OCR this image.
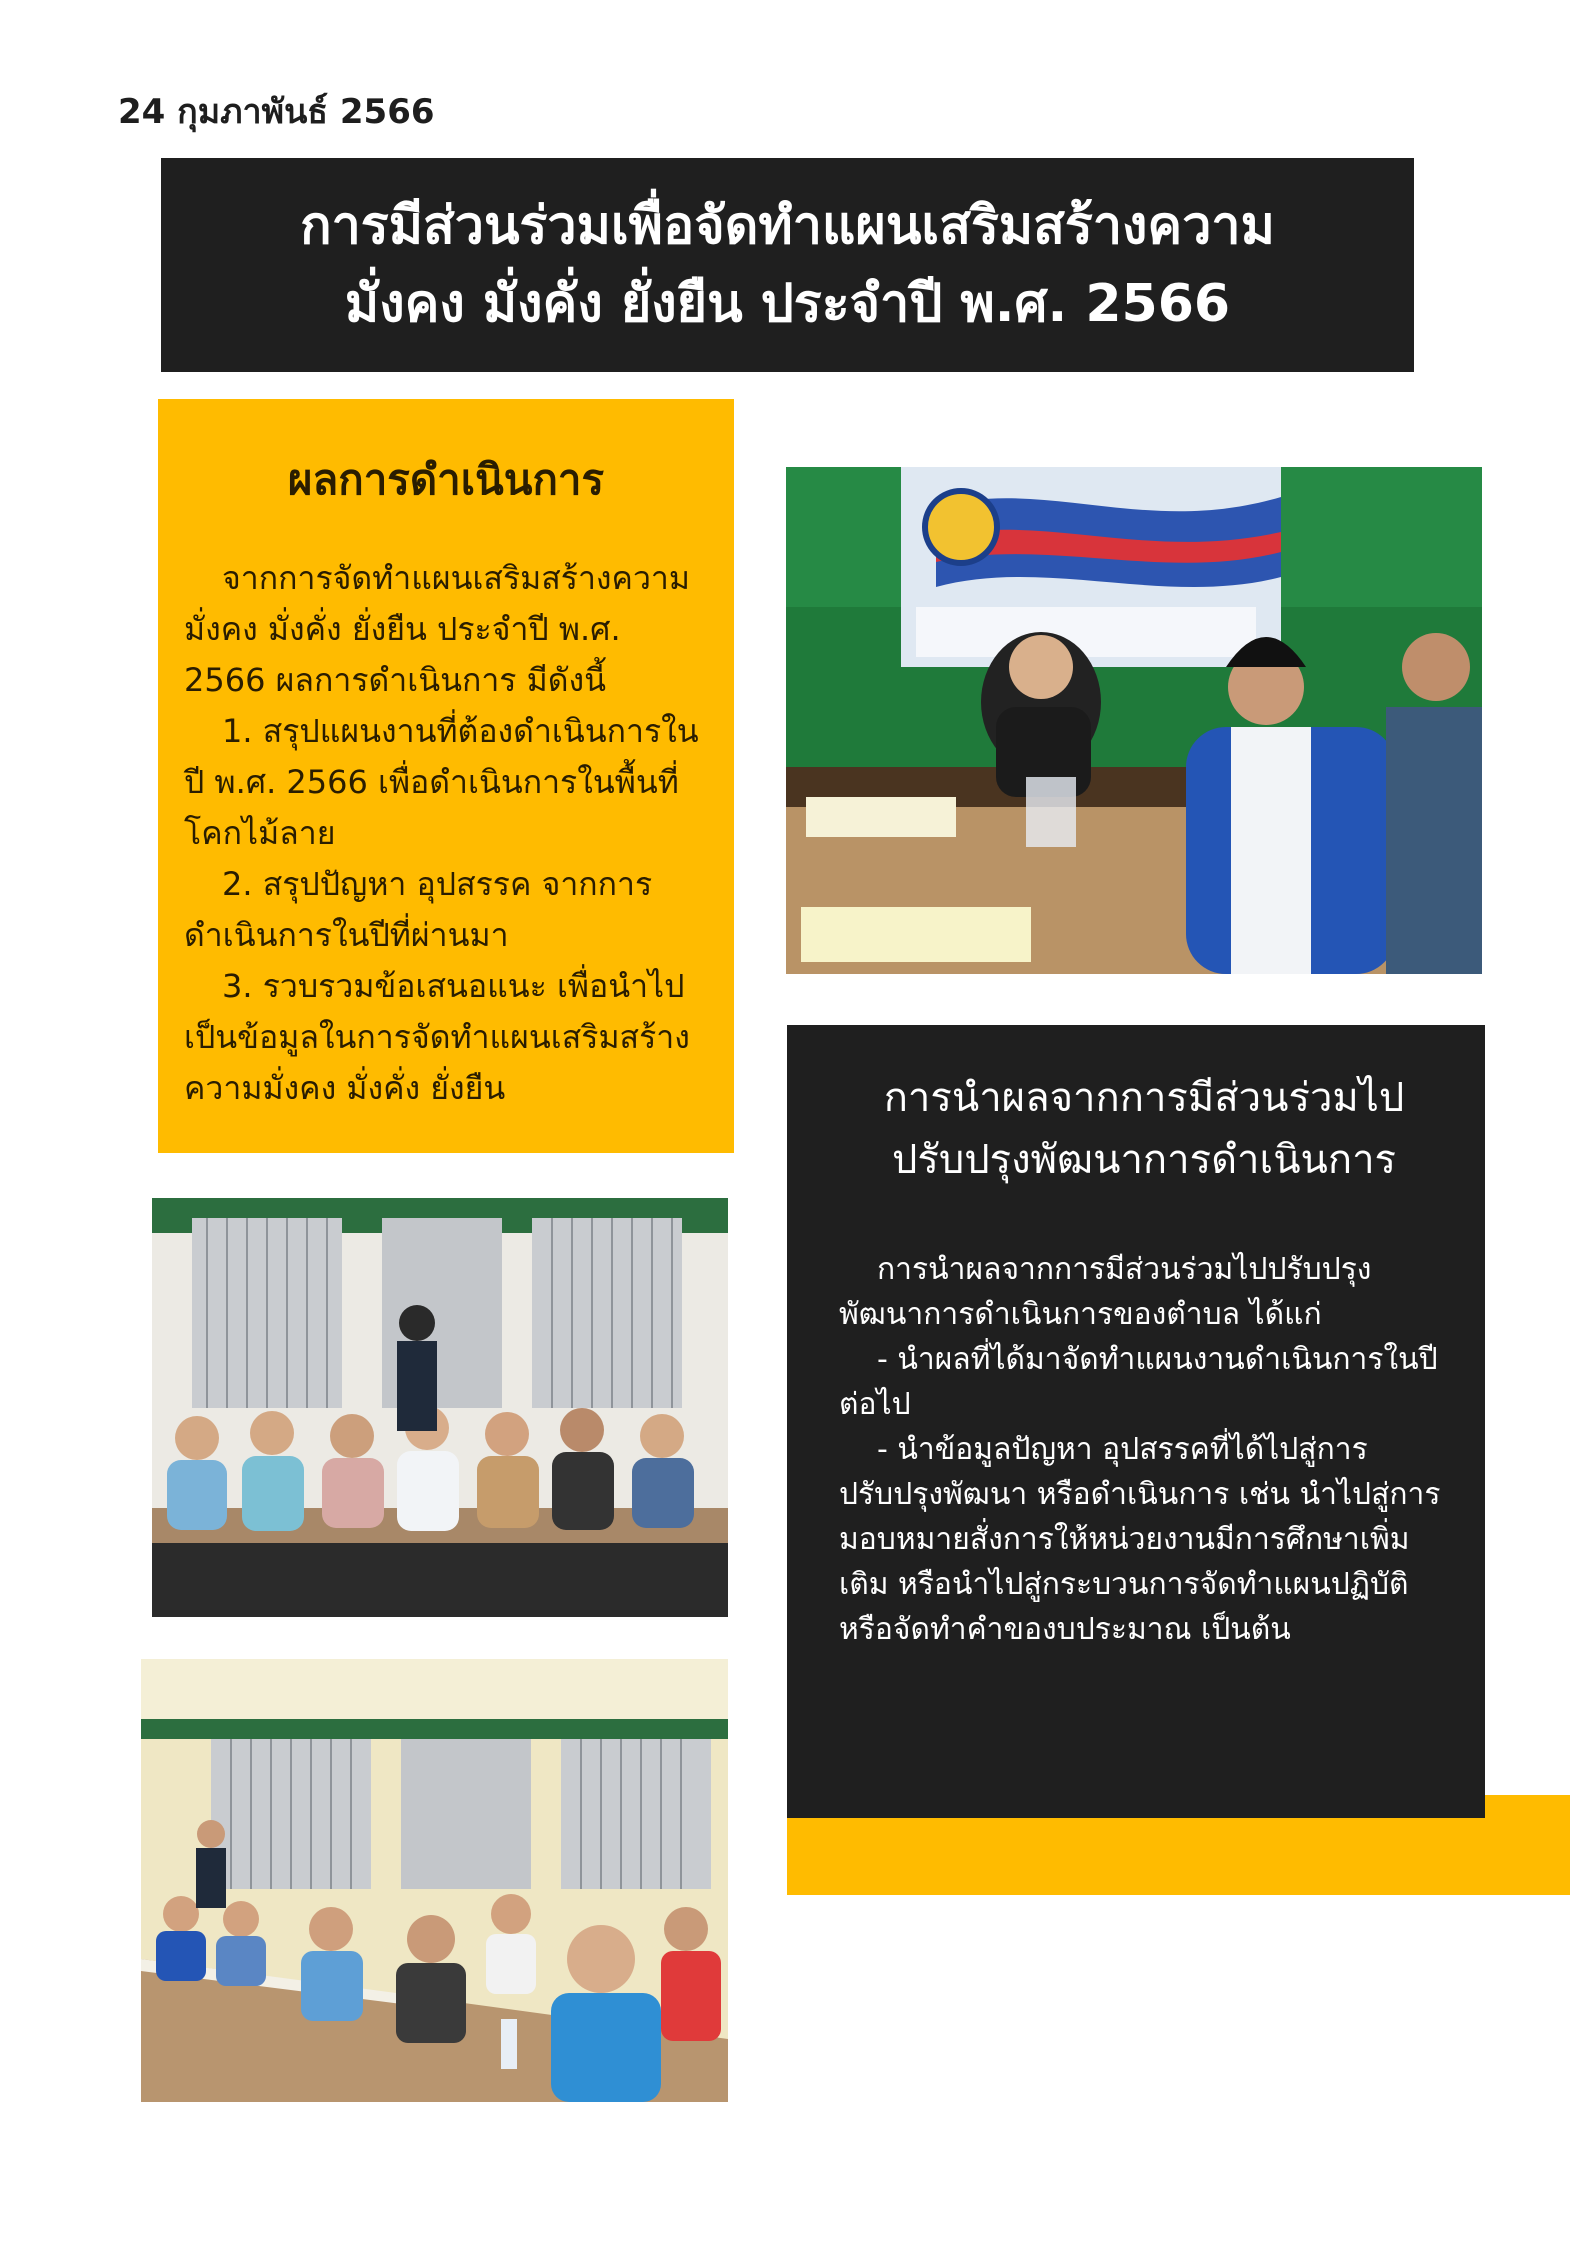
24 กุมภาพันธ์ 2566
การมีส่วนร่วมเพื่อจัดทำแผนเสริมสร้างความ
มั่งคง มั่งคั่ง ยั่งยืน ประจำปี พ.ศ. 2566
ผลการดำเนินการ

จากการจัดทำแผนเสริมสร้างความมั่งคง มั่งคั่ง ยั่งยืน ประจำปี พ.ศ. 2566 ผลการดำเนินการ มีดังนี้

1. สรุปแผนงานที่ต้องดำเนินการในปี พ.ศ. 2566 เพื่อดำเนินการในพื้นที่โคกไม้ลาย

2. สรุปปัญหา อุปสรรค จากการดำเนินการในปีที่ผ่านมา

3. รวบรวมข้อเสนอแนะ เพื่อนำไปเป็นข้อมูลในการจัดทำแผนเสริมสร้างความมั่งคง มั่งคั่ง ยั่งยืน	การนำผลจากการมีส่วนร่วมไป
ปรับปรุงพัฒนาการดำเนินการ

การนำผลจากการมีส่วนร่วมไปปรับปรุงพัฒนาการดำเนินการของตำบล ได้แก่

- นำผลที่ได้มาจัดทำแผนงานดำเนินการในปีต่อไป

- นำข้อมูลปัญหา อุปสรรคที่ได้ไปสู่การปรับปรุงพัฒนา หรือดำเนินการ เช่น นำไปสู่การมอบหมายสั่งการให้หน่วยงานมีการศึกษาเพิ่มเติม หรือนำไปสู่กระบวนการจัดทำแผนปฏิบัติ หรือจัดทำคำของบประมาณ เป็นต้น
